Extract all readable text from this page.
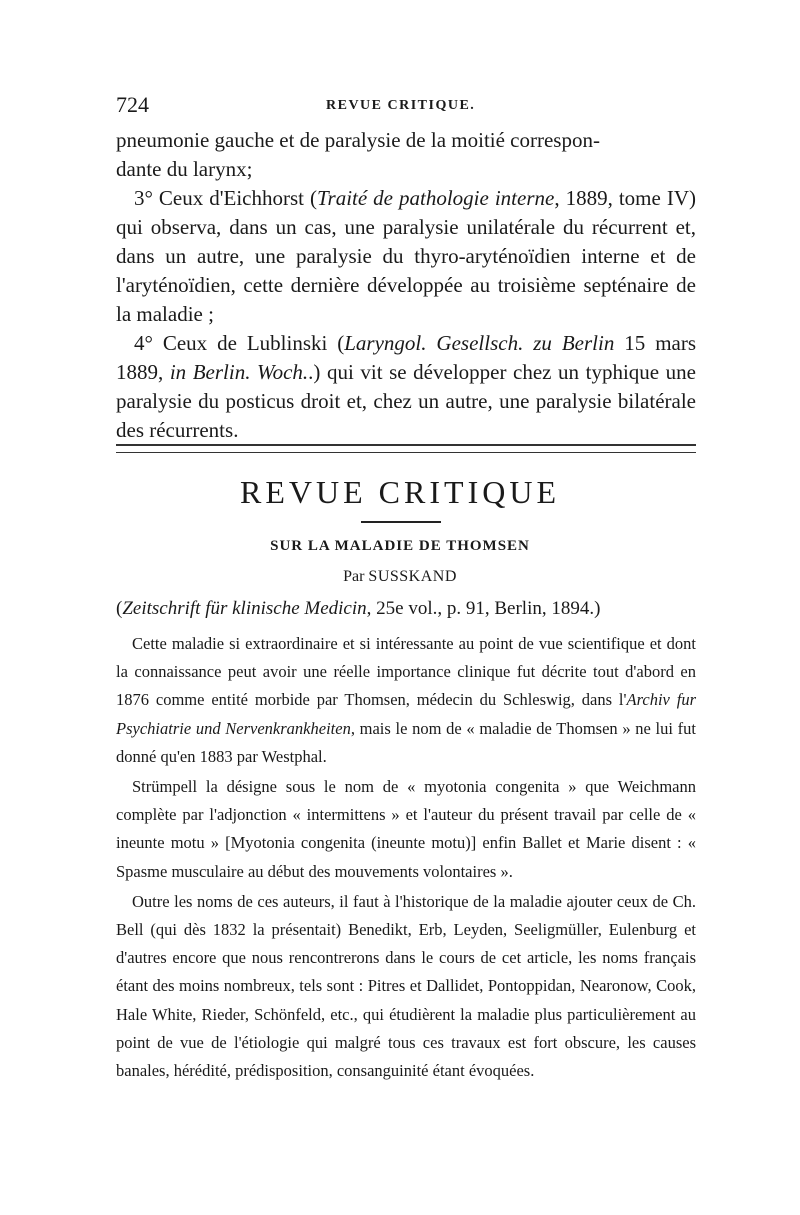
724	REVUE CRITIQUE.

pneumonie gauche et de paralysie de la moitié correspon-
dante du larynx;

3° Ceux d'Eichhorst (Traité de pathologie interne, 1889, tome IV) qui observa, dans un cas, une paralysie unilatérale du récurrent et, dans un autre, une paralysie du thyro-aryténoïdien interne et de l'aryténoïdien, cette dernière développée au troisième septénaire de la maladie ;

4° Ceux de Lublinski (Laryngol. Gesellsch. zu Berlin 15 mars 1889, in Berlin. Woch..) qui vit se développer chez un typhique une paralysie du posticus droit et, chez un autre, une paralysie bilatérale des récurrents.

REVUE CRITIQUE
SUR LA MALADIE DE THOMSEN
Par SUSSKAND
(Zeitschrift für klinische Medicin, 25e vol., p. 91, Berlin, 1894.)

Cette maladie si extraordinaire et si intéressante au point de vue scientifique et dont la connaissance peut avoir une réelle importance clinique fut décrite tout d'abord en 1876 comme entité morbide par Thomsen, médecin du Schleswig, dans l'Archiv fur Psychiatrie und Nervenkrankheiten, mais le nom de « maladie de Thomsen » ne lui fut donné qu'en 1883 par Westphal.

Strümpell la désigne sous le nom de « myotonia congenita » que Weichmann complète par l'adjonction « intermittens » et l'auteur du présent travail par celle de « ineunte motu » [Myotonia congenita (ineunte motu)] enfin Ballet et Marie disent : « Spasme musculaire au début des mouvements volontaires ».

Outre les noms de ces auteurs, il faut à l'historique de la maladie ajouter ceux de Ch. Bell (qui dès 1832 la présentait) Benedikt, Erb, Leyden, Seeligmüller, Eulenburg et d'autres encore que nous rencontrerons dans le cours de cet article, les noms français étant des moins nombreux, tels sont : Pitres et Dallidet, Pontoppidan, Nearonow, Cook, Hale White, Rieder, Schönfeld, etc., qui étudièrent la maladie plus particulièrement au point de vue de l'étiologie qui malgré tous ces travaux est fort obscure, les causes banales, hérédité, prédisposition, consanguinité étant évoquées.
